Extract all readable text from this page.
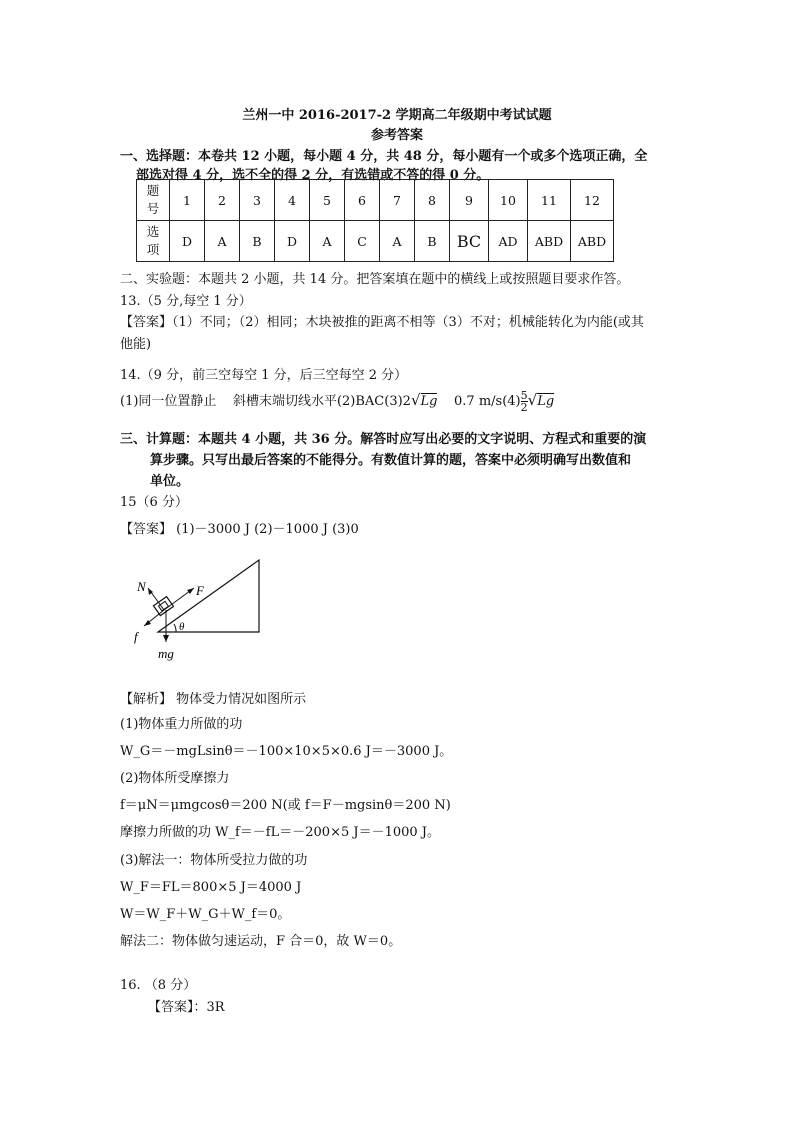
兰州一中 2016-2017-2 学期高二年级期中考试试题
参考答案
一、选择题：本卷共 12 小题，每小题 4 分，共 48 分，每小题有一个或多个选项正确，全
部选对得 4 分，选不全的得 2 分，有选错或不答的得 0 分。
题
号	1	2	3	4	5	6	7	8	9	10	11	12

选
项	D	A	B	D	A	C	A	B	BC	AD	ABD	ABD
二、实验题：本题共 2 小题，共 14 分。把答案填在题中的横线上或按照题目要求作答。
13.（5 分,每空 1 分）
【答案】（1）不同；（2）相同；木块被推的距离不相等（3）不对；机械能转化为内能(或其
他能)
14.（9 分，前三空每空 1 分，后三空每空 2 分）
(1)同一位置静止 斜槽末端切线水平(2)BAC(3)2√Lg 0.7 $m/s(4) \frac{5}{2} √Lg$
三、计算题：本题共 4 小题，共 36 分。解答时应写出必要的文字说明、方程式和重要的演
算步骤。只写出最后答案的不能得分。有数值计算的题，答案中必须明确写出数值和
单位。
15（6 分）
【答案】 (1)－3000 J (2)－1000 J (3)0
N	F
f
θ
mg
【解析】 物体受力情况如图所示
(1)物体重力所做的功
W_G＝－mgLsinθ＝－100×10×5×0.6 J＝－3000 J。
(2)物体所受摩擦力
f＝μN＝μmgcosθ＝200 N(或 f＝F－mgsinθ＝200 N)
摩擦力所做的功 W_f＝－fL＝－200×5 J＝－1000 J。
(3)解法一：物体所受拉力做的功
W_F＝FL＝800×5 J＝4000 J
W＝W_F＋W_G＋W_f＝0。
解法二：物体做匀速运动，F 合＝0，故 W＝0。
16. （8 分）
【答案】：3R
